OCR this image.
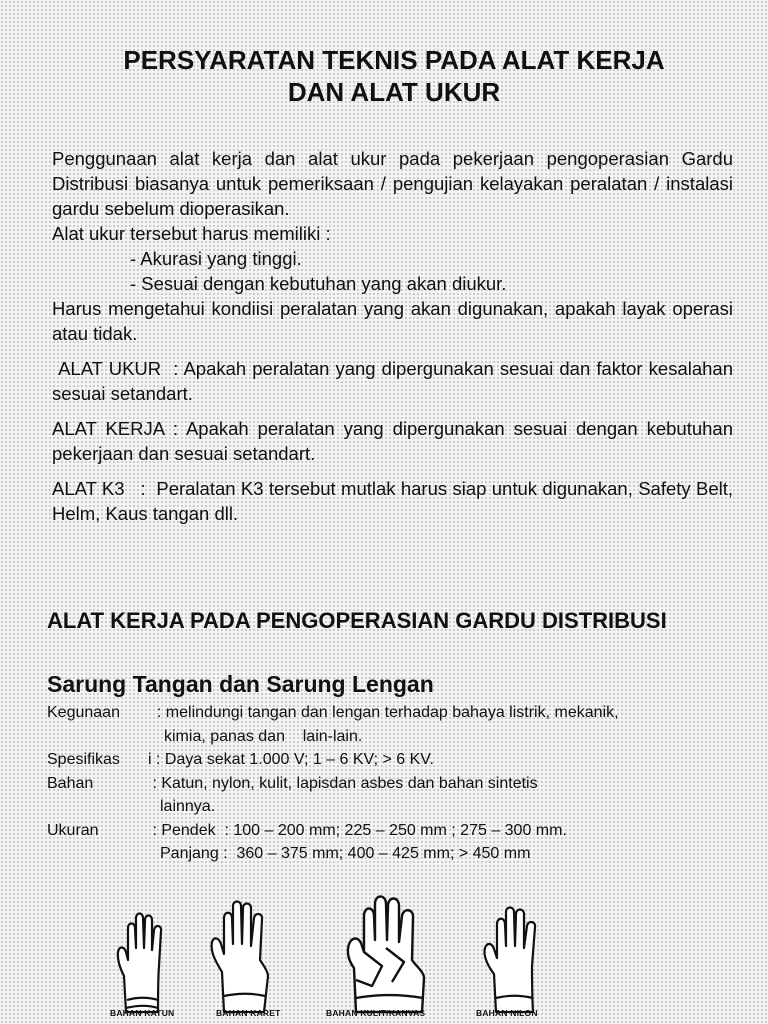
PERSYARATAN TEKNIS PADA ALAT KERJA
DAN ALAT UKUR
Penggunaan alat kerja dan alat ukur pada pekerjaan pengoperasian Gardu Distribusi biasanya untuk pemeriksaan / pengujian kelayakan peralatan / instalasi gardu sebelum dioperasikan.
Alat ukur tersebut harus memiliki :
- Akurasi yang tinggi.
- Sesuai dengan kebutuhan yang akan diukur.
Harus mengetahui kondiisi peralatan yang akan digunakan, apakah layak operasi atau tidak.
ALAT UKUR  : Apakah peralatan yang dipergunakan sesuai dan faktor kesalahan sesuai setandart.
ALAT KERJA : Apakah peralatan yang dipergunakan sesuai dengan kebutuhan pekerjaan dan sesuai setandart.
ALAT K3   :  Peralatan K3 tersebut mutlak harus siap untuk digunakan, Safety Belt, Helm, Kaus tangan dll.
ALAT KERJA PADA PENGOPERASIAN GARDU DISTRIBUSI
Sarung Tangan dan Sarung Lengan
Kegunaan	: melindungi tangan dan lengan terhadap bahaya listrik, mekanik,
kimia, panas dan    lain-lain.
Spesifikas	i : Daya sekat 1.000 V; 1 – 6 KV; > 6 KV.
Bahan	: Katun, nylon, kulit, lapisdan asbes dan bahan sintetis
lainnya.
Ukuran	: Pendek  : 100 – 200 mm; 225 – 250 mm ; 275 – 300 mm.
Panjang :  360 – 375 mm; 400 – 425 mm; > 450 mm
BAHAN KATUN	BAHAN KARET	BAHAN KULIT/KANVAS	BAHAN NILON
